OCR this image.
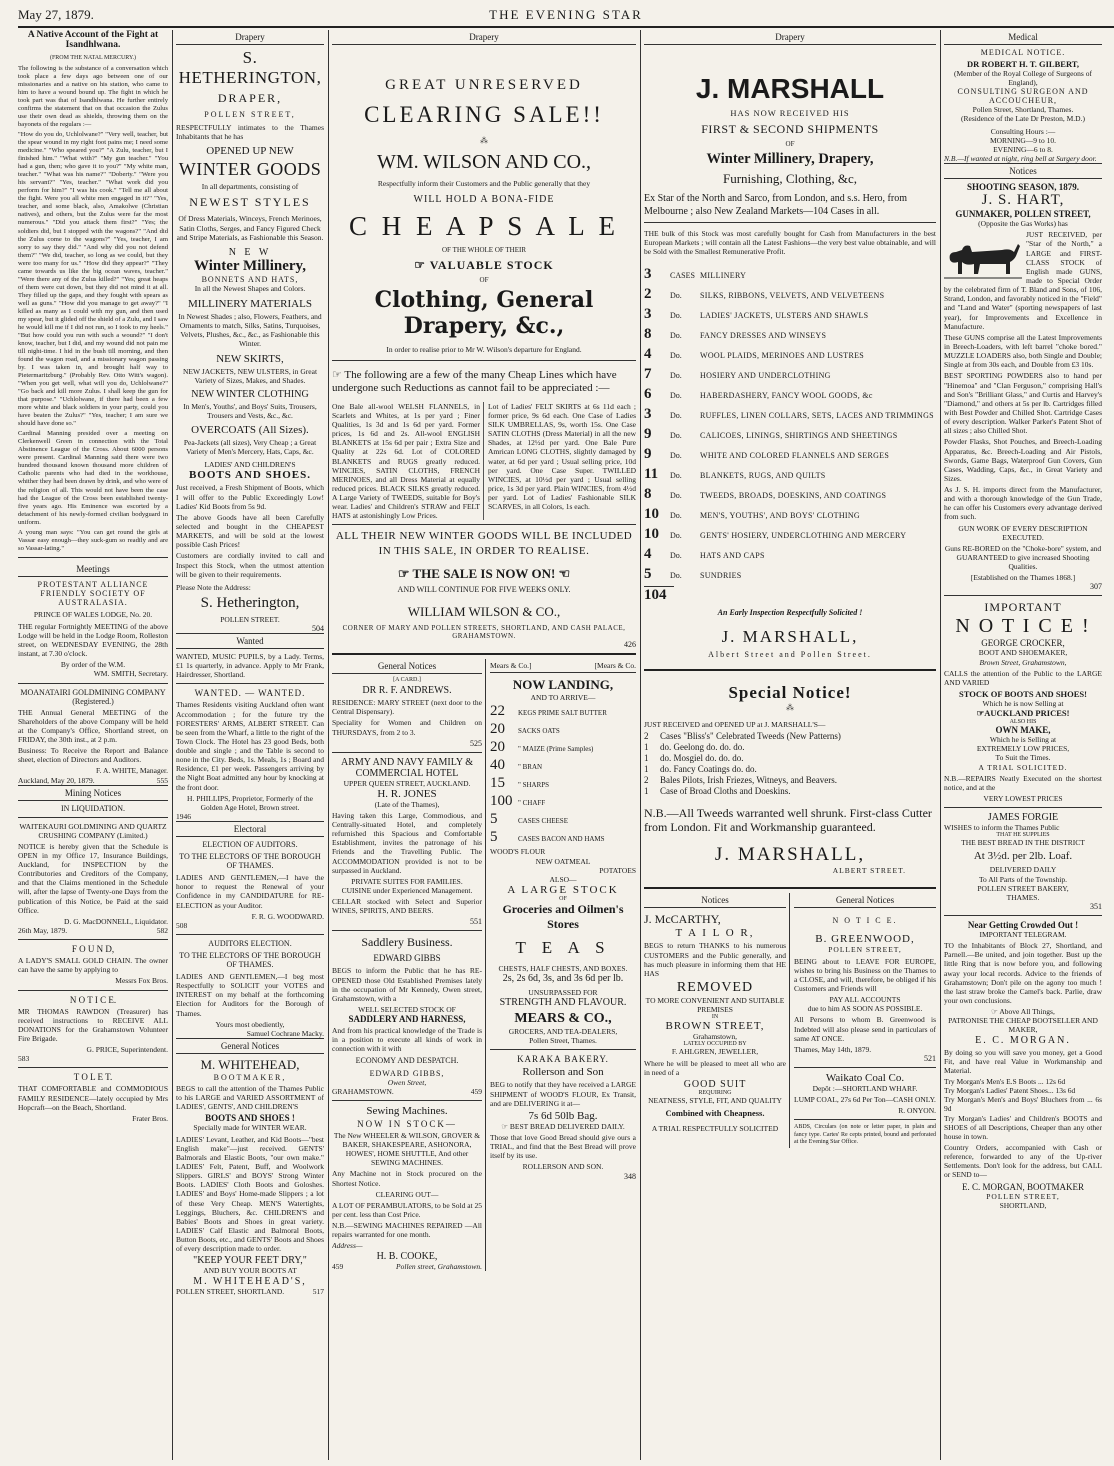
May 27, 1879.	THE EVENING STAR
A Native Account of the Fight at Isandhlwana.
(FROM THE NATAL MERCURY.)

The following is the substance of a conversation which took place a few days ago between one of our missionaries and a native on his station, who came to him to have a wound bound up. The fight in which he took part was that of Isandhlwana. He further entirely confirms the statement that on that occasion the Zulus use their own dead as shields, throwing them on the bayonets of the regulars :—

"How do you do, Uchlolwane?" "Very well, teacher, but the spear wound in my right foot pains me; I need some medicine." "Who speared you?" "A Zulu, teacher, but I finished him." "What with?" "My gun teacher." "You had a gun, then; who gave it to you?" "My white man, teacher." "What was his name?" "Doberty." "Were you his servant?" "Yes, teacher." "What work did you perform for him?" "I was his cook." "Tell me all about the fight. Were you all white men engaged in it?" "Yes, teacher, and some black, also, Amakolwe (Christian natives), and others, but the Zulus were far the most numerous." "Did you attack them first?" "Yes; the soldiers did, but I stopped with the wagons?" "And did the Zulus come to the wagons?" "Yes, teacher, I am sorry to say they did." "And why did you not defend them?" "We did, teacher, so long as we could, but they were too many for us." "How did they appear?" "They came towards us like the big ocean waves, teacher." "Were there any of the Zulus killed?" "Yes; great heaps of them were cut down, but they did not mind it at all. They filled up the gaps, and they fought with spears as well as guns." "How did you manage to get away?" "I killed as many as I could with my gun, and then used my spear, but it glided off the shield of a Zulu, and I saw he would kill me if I did not run, so I took to my heels." "But how could you run with such a wound?" "I don't know, teacher, but I did, and my wound did not pain me till night-time. I hid in the bush till morning, and then found the wagon road, and a missionary wagon passing by. I was taken in, and brought half way to Pietermaritzburg." (Probably Rev. Otto Witt's wagon). "When you get well, what will you do, Uchlolwane?" "Go back and kill more Zulus. I shall keep the gun for that purpose." "Uchlolwane, if there had been a few more white and black soldiers in your party, could you have beaten the Zulus?" "Yes, teacher; I am sure we should have done so."

Cardinal Manning presided over a meeting on Clerkenwell Green in connection with the Total Abstinence League of the Cross. About 6000 persons were present. Cardinal Manning said there were two hundred thousand known thousand more children of Catholic parents who had died in the workhouse, whither they had been drawn by drink, and who were of the religion of all. This would not have been the case had the League of the Cross been established twenty-five years ago. His Eminence was escorted by a detachment of his newly-formed civilian bodyguard in uniform.

A young man says: "You can get round the girls at Vassar easy enough—they suck-gum so readily and are so Vassar-lating."

Meetings
PROTESTANT ALLIANCE FRIENDLY SOCIETY OF AUSTRALASIA.
PRINCE OF WALES LODGE, No. 20.

THE regular Fortnightly MEETING of the above Lodge will be held in the Lodge Room, Rolleston street, on WEDNESDAY EVENING, the 28th instant, at 7.30 o'clock.

By order of the W.M.
WM. SMITH, Secretary.
MOANATAIRI GOLDMINING COMPANY (Registered.)

THE Annual General MEETING of the Shareholders of the above Company will be held at the Company's Office, Shortland street, on FRIDAY, the 30th inst., at 2 p.m.

Business: To Receive the Report and Balance sheet, election of Directors and Auditors.

F. A. WHITE, Manager.
Auckland, May 20, 1879.	555
Mining Notices
IN LIQUIDATION.
WAITEKAURI GOLDMINING AND QUARTZ CRUSHING COMPANY (Limited.)

NOTICE is hereby given that the Schedule is OPEN in my Office 17, Insurance Buildings, Auckland, for INSPECTION by the Contributories and Creditors of the Company, and that the Claims mentioned in the Schedule will, after the lapse of Twenty-one Days from the publication of this Notice, be Paid at the said Office.

D. G. MacDONNELL, Liquidator.
26th May, 1879.	582
F O U N D,

A LADY'S SMALL GOLD CHAIN. The owner can have the same by applying to

Messrs Fox Bros.
N O T I C E.

MR THOMAS RAWDON (Treasurer) has received instructions to RECEIVE ALL DONATIONS for the Grahamstown Volunteer Fire Brigade.

G. PRICE, Superintendent.
583
T O L E T.

THAT COMFORTABLE and COMMODIOUS FAMILY RESIDENCE—lately occupied by Mrs Hopcraft—on the Beach, Shortland.

Frater Bros.
Drapery
S. HETHERINGTON,
DRAPER,
POLLEN STREET,

RESPECTFULLY intimates to the Thames Inhabitants that he has

OPENED UP NEW
WINTER GOODS
In all departments, consisting of
NEWEST STYLES

Of Dress Materials, Winceys, French Merinoes, Satin Cloths, Serges, and Fancy Figured Check and Stripe Materials, as Fashionable this Season.

N E W
Winter Millinery,
BONNETS AND HATS,
In all the Newest Shapes and Colors.
MILLINERY MATERIALS

In Newest Shades ; also, Flowers, Feathers, and Ornaments to match, Silks, Satins, Turquoises, Velvets, Plushes, &c., &c., as Fashionable this Winter.

NEW SKIRTS,

NEW JACKETS, NEW ULSTERS, in Great Variety of Sizes, Makes, and Shades.

NEW WINTER CLOTHING

In Men's, Youths', and Boys' Suits, Trousers, Trousers and Vests, &c., &c.

OVERCOATS (All Sizes).

Pea-Jackets (all sizes), Very Cheap ; a Great Variety of Men's Mercery, Hats, Caps, &c.

LADIES' AND CHILDREN'S
BOOTS AND SHOES.

Just received, a Fresh Shipment of Boots, which I will offer to the Public Exceedingly Low! Ladies' Kid Boots from 5s 9d.

The above Goods have all been Carefully selected and bought in the CHEAPEST MARKETS, and will be sold at the lowest possible Cash Prices!

Customers are cordially invited to call and Inspect this Stock, when the utmost attention will be given to their requirements.

Please Note the Address:
S. Hetherington,
POLLEN STREET.
504
Wanted

WANTED, MUSIC PUPILS, by a Lady. Terms, £1 1s quarterly, in advance. Apply to Mr Frank, Hairdresser, Shortland.

WANTED. — WANTED.

Thames Residents visiting Auckland often want Accommodation ; for the future try the FORESTERS' ARMS, ALBERT STREET. Can be seen from the Wharf, a little to the right of the Town Clock. The Hotel has 23 good Beds, both double and single ; and the Table is second to none in the City. Beds, 1s. Meals, 1s ; Board and Residence, £1 per week. Passengers arriving by the Night Boat admitted any hour by knocking at the front door.

H. PHILLIPS, Proprietor, Formerly of the Golden Age Hotel, Brown street.
1946
Electoral
ELECTION OF AUDITORS.
TO THE ELECTORS OF THE BOROUGH OF THAMES.

LADIES AND GENTLEMEN,—I have the honor to request the Renewal of your Confidence in my CANDIDATURE for RE-ELECTION as your Auditor.

F. R. G. WOODWARD.
508
AUDITORS ELECTION.
TO THE ELECTORS OF THE BOROUGH OF THAMES.

LADIES AND GENTLEMEN,—I beg most Respectfully to SOLICIT your VOTES and INTEREST on my behalf at the forthcoming Election for Auditors for the Borough of Thames.

Yours most obediently,
Samuel Cochrane Macky.
General Notices
M. WHITEHEAD,
BOOTMAKER,

BEGS to call the attention of the Thames Public to his LARGE and VARIED ASSORTMENT of LADIES', GENTS', AND CHILDREN'S

BOOTS AND SHOES !
Specially made for WINTER WEAR.

LADIES' Levant, Leather, and Kid Boots—"best English make"—just received. GENTS' Balmorals and Elastic Boots, "our own make." LADIES' Felt, Patent, Buff, and Woolwork Slippers. GIRLS' and BOYS' Strong Winter Boots. LADIES' Cloth Boots and Goloshes. LADIES' and Boys' Home-made Slippers ; a lot of these Very Cheap. MEN'S Watertights, Leggings, Bluchers, &c. CHILDREN'S and Babies' Boots and Shoes in great variety. LADIES' Calf Elastic and Balmoral Boots, Button Boots, etc., and GENTS' Boots and Shoes of every description made to order.

"KEEP YOUR FEET DRY,"
AND BUY YOUR BOOTS AT
M. WHITEHEAD'S,
POLLEN STREET, SHORTLAND.	517
Drapery
GREAT UNRESERVED
CLEARING SALE!!
⁂
WM. WILSON AND CO.,
Respectfully inform their Customers and the Public generally that they
WILL HOLD A BONA-FIDE
C H E A P S A L E
OF THE WHOLE OF THEIR
☞ VALUABLE STOCK
OF
Clothing, General Drapery, &c.,
In order to realise prior to Mr W. Wilson's departure for England.
☞ The following are a few of the many Cheap Lines which have undergone such Reductions as cannot fail to be appreciated :—
One Bale all-wool WELSH FLANNELS, in Scarlets and Whites, at 1s per yard ; Finer Qualities, 1s 3d and 1s 6d per yard. Former prices, 1s 6d and 2s. All-wool ENGLISH BLANKETS at 15s 6d per pair ; Extra Size and Quality at 22s 6d. Lot of COLORED BLANKETS and RUGS greatly reduced. WINCIES, SATIN CLOTHS, FRENCH MERINOES, and all Dress Material at equally reduced prices. BLACK SILKS greatly reduced. A Large Variety of TWEEDS, suitable for Boy's wear. Ladies' and Children's STRAW and FELT HATS at astonishingly Low Prices.
Lot of Ladies' FELT SKIRTS at 6s 11d each ; former price, 9s 6d each. One Case of Ladies SILK UMBRELLAS, 9s, worth 15s. One Case SATIN CLOTHS (Dress Material) in all the new Shades, at 12½d per yard. One Bale Pure Amrican LONG CLOTHS, slightly damaged by water, at 6d per yard ; Usual selling price, 10d per yard. One Case Super. TWILLED WINCIES, at 10½d per yard ; Usual selling price, 1s 3d per yard. Plain WINCIES, from 4½d per yard. Lot of Ladies' Fashionable SILK SCARVES, in all Colors, 1s each.
ALL THEIR NEW WINTER GOODS WILL BE INCLUDED IN THIS SALE, IN ORDER TO REALISE.
☞ THE SALE IS NOW ON! ☜
AND WILL CONTINUE FOR FIVE WEEKS ONLY.
WILLIAM WILSON & CO.,
CORNER OF MARY AND POLLEN STREETS, SHORTLAND, AND CASH PALACE, GRAHAMSTOWN.
426
General Notices
[A CARD.]
DR R. F. ANDREWS.

RESIDENCE: MARY STREET (next door to the Central Dispensary).

Speciality for Women and Children on THURSDAYS, from 2 to 3.

525
ARMY AND NAVY FAMILY & COMMERCIAL HOTEL
UPPER QUEEN STREET, AUCKLAND.
H. R. JONES
(Late of the Thames),

Having taken this Large, Commodious, and Centrally-situated Hotel, and completely refurnished this Spacious and Comfortable Establishment, invites the patronage of his Friends and the Travelling Public. The ACCOMMODATION provided is not to be surpassed in Auckland.

PRIVATE SUITES FOR FAMILIES.
CUISINE under Experienced Management.

CELLAR stocked with Select and Superior WINES, SPIRITS, AND BEERS.

551
Saddlery Business.
EDWARD GIBBS

BEGS to inform the Public that he has RE-OPENED those Old Established Premises lately in the occupation of Mr Kennedy, Owen street, Grahamstown, with a

WELL SELECTED STOCK OF
SADDLERY AND HARNESS,

And from his practical knowledge of the Trade is in a position to execute all kinds of work in connection with it with

ECONOMY AND DESPATCH.
EDWARD GIBBS,
Owen Street,
GRAHAMSTOWN.	459
Sewing Machines.
NOW IN STOCK—

The New WHEELER & WILSON, GROVER & BAKER, SHAKESPEARE, ASHONORA, HOWES', HOME SHUTTLE, And other SEWING MACHINES.

Any Machine not in Stock procured on the Shortest Notice.

CLEARING OUT—

A LOT OF PERAMBULATORS, to be Sold at 25 per cent. less than Cost Price.

N.B.—SEWING MACHINES REPAIRED —All repairs warranted for one month.

Address—
H. B. COOKE,
459	Pollen street, Grahamstown.
Mears & Co.]	[Mears & Co.
NOW LANDING,
AND TO ARRIVE—
22	KEGS PRIME SALT BUTTER
20	SACKS OATS
20	" MAIZE (Prime Samples)
40	" BRAN
15	" SHARPS
100 " CHAFF
5	CASES CHEESE
5	CASES BACON AND HAMS
WOOD'S FLOUR
NEW OATMEAL
POTATOES
ALSO—
A LARGE STOCK
OF
Groceries and Oilmen's Stores
T E A S
CHESTS, HALF CHESTS, AND BOXES.
2s, 2s 6d, 3s, and 3s 6d per lb.
UNSURPASSED FOR
STRENGTH AND FLAVOUR.
MEARS & CO.,
GROCERS, AND TEA-DEALERS,
Pollen Street, Thames.
KARAKA BAKERY.
Rollerson and Son

BEG to notify that they have received a LARGE SHIPMENT of WOOD'S FLOUR, Ex Transit, and are DELIVERING it at—

7s 6d 50lb Bag.
☞ BEST BREAD DELIVERED DAILY.

Those that love Good Bread should give ours a TRIAL, and find that the Best Bread will prove itself by its use.

ROLLERSON AND SON.
348
Drapery
J. MARSHALL
HAS NOW RECEIVED HIS
FIRST & SECOND SHIPMENTS
OF
Winter Millinery, Drapery,
Furnishing, Clothing, &c,

Ex Star of the North and Sarco, from London, and s.s. Hero, from Melbourne ; also New Zealand Markets—104 Cases in all.

THE bulk of this Stock was most carefully bought for Cash from Manufacturers in the best European Markets ; will contain all the Latest Fashions—the very best value obtainable, and will be Sold with the Smallest Remunerative Profit.

3	CASES MILLINERY
2	Do.	SILKS, RIBBONS, VELVETS, AND VELVETEENS
3	Do.	LADIES' JACKETS, ULSTERS AND SHAWLS
8	Do.	FANCY DRESSES AND WINSEYS
4	Do.	WOOL PLAIDS, MERINOES AND LUSTRES
7	Do.	HOSIERY AND UNDERCLOTHING
6	Do.	HABERDASHERY, FANCY WOOL GOODS, &c
3	Do.	RUFFLES, LINEN COLLARS, SETS, LACES AND TRIMMINGS
9	Do.	CALICOES, LININGS, SHIRTINGS AND SHEETINGS
9	Do.	WHITE AND COLORED FLANNELS AND SERGES
11	Do.	BLANKETS, RUGS, AND QUILTS
8	Do.	TWEEDS, BROADS, DOESKINS, AND COATINGS
10	Do.	MEN'S, YOUTHS', AND BOYS' CLOTHING
10	Do.	GENTS' HOSIERY, UNDERCLOTHING AND MERCERY
4	Do.	HATS AND CAPS
5	Do.	SUNDRIES
104
An Early Inspection Respectfully Solicited !
J. MARSHALL,
Albert Street and Pollen Street.
Special Notice!
⁂
JUST RECEIVED and OPENED UP at J. MARSHALL'S—
2	Cases "Bliss's" Celebrated Tweeds (New Patterns)
1	do. Geelong do. do. do.
1	do. Mosgiel do. do. do.
1	do. Fancy Coatings do. do.
2	Bales Pilots, Irish Friezes, Witneys, and Beavers.
1	Case of Broad Cloths and Doeskins.

N.B.—All Tweeds warranted well shrunk. First-class Cutter from London. Fit and Workmanship guaranteed.

J. MARSHALL,
ALBERT STREET.
Notices
J. McCARTHY,
T A I L O R,

BEGS to return THANKS to his numerous CUSTOMERS and the Public generally, and has much pleasure in informing them that HE HAS

REMOVED
TO MORE CONVENIENT AND SUITABLE PREMISES
IN
BROWN STREET,
Grahamstown,
LATELY OCCUPIED BY
F. AHLGREN, JEWELLER,

Where he will be pleased to meet all who are in need of a

GOOD SUIT
REQUIRING
NEATNESS, STYLE, FIT, AND QUALITY
Combined with Cheapness.
A TRIAL RESPECTFULLY SOLICITED
General Notices
N O T I C E.
B. GREENWOOD,
POLLEN STREET,

BEING about to LEAVE FOR EUROPE, wishes to bring his Business on the Thames to a CLOSE, and will, therefore, be obliged if his Customers and Friends will

PAY ALL ACCOUNTS
due to him AS SOON AS POSSIBLE.

All Persons to whom B. Greenwood is Indebted will also please send in particulars of same AT ONCE.

Thames, May 14th, 1879.
521
Waikato Coal Co.
Depôt :—SHORTLAND WHARF.

LUMP COAL, 27s 6d Per Ton—CASH ONLY.

R. ONYON.

ABDS, Circulars (on note or letter paper, in plain and fancy type. Cartes' Re cepts printed, bound and perforated at the Evening Star Office.

Medical
MEDICAL NOTICE.
DR ROBERT H. T. GILBERT,
(Member of the Royal College of Surgeons of England),
CONSULTING SURGEON AND ACCOUCHEUR,
Pollen Street, Shortland, Thames.
(Residence of the Late Dr Preston, M.D.)
Consulting Hours :—
MORNING—9 to 10.
EVENING—6 to 8.
N.B.—If wanted at night, ring bell at Surgery door.
Notices
SHOOTING SEASON, 1879.
J. S. HART,
GUNMAKER, POLLEN STREET,
(Opposite the Gas Works) has

JUST RECEIVED, per "Star of the North," a LARGE and FIRST-CLASS STOCK of English made GUNS, made to Special Order by the celebrated firm of T. Bland and Sons, of 106, Strand, London, and favorably noticed in the "Field" and "Land and Water" (sporting newspapers of last year), for Improvements and Excellence in Manufacture.

These GUNS comprise all the Latest Improvements in Breech-Loaders, with left barrel "choke bored." MUZZLE LOADERS also, both Single and Double; Single at from 30s each, and Double from £3 10s.

BEST SPORTING POWDERS also to hand per "Hinemoa" and "Clan Ferguson," comprising Hall's and Son's "Brilliant Glass," and Curtis and Harvey's "Diamond," and others at 5s per lb. Cartridges filled with Best Powder and Chilled Shot. Cartridge Cases of every description. Walker Parker's Patent Shot of all sizes ; also Chilled Shot.

Powder Flasks, Shot Pouches, and Breech-Loading Apparatus, &c. Breech-Loading and Air Pistols, Swords, Game Bags, Waterproof Gun Covers, Gun Cases, Wadding, Caps, &c., in Great Variety and Sizes.

As J. S. H. imports direct from the Manufacturer, and with a thorough knowledge of the Gun Trade, he can offer his Customers every advantage derived from such.

GUN WORK OF EVERY DESCRIPTION EXECUTED.

Guns RE-BORED on the "Choke-bore" system, and GUARANTEED to give increased Shooting Qualities.

[Established on the Thames 1868.]
307
IMPORTANT
N O T I C E !
GEORGE CROCKER,
BOOT AND SHOEMAKER,
Brown Street, Grahamstown,

CALLS the attention of the Public to the LARGE AND VARIED

STOCK OF BOOTS AND SHOES!
Which he is now Selling at
☞AUCKLAND PRICES!
ALSO HIS
OWN MAKE,
Which he is Selling at
EXTREMELY LOW PRICES,
To Suit the Times.
A TRIAL SOLICITED.

N.B.—REPAIRS Neatly Executed on the shortest notice, and at the

VERY LOWEST PRICES
JAMES FORGIE
WISHES to inform the Thames Public
THAT HE SUPPLIES
THE BEST BREAD IN THE DISTRICT
At 3½d. per 2lb. Loaf.
DELIVERED DAILY
To All Parts of the Township.
POLLEN STREET BAKERY,
THAMES.
351
Near Getting Crowded Out !
IMPORTANT TELEGRAM.

TO the Inhabitants of Block 27, Shortland, and Parnell.—Be united, and join together. Bust up the little Ring that is now before you, and following away your local records. Advice to the friends of Grahamstown; Don't pile on the agony too much ! the last straw broke the Camel's back. Parlie, draw your own conclusions.

☞ Above All Things,
PATRONISE THE CHEAP BOOTSELLER AND MAKER,
E. C. MORGAN.

By doing so you will save you money, get a Good Fit, and have real Value in Workmanship and Material.

Try Morgan's Men's E.S Boots ... 12s 6d
Try Morgan's Ladies' Patent Shoes... 13s 6d
Try Morgan's Men's and Boys' Bluchers from ... 6s 9d
Try Morgan's Ladies' and Children's BOOTS and SHOES of all Descriptions, Cheaper than any other house in town.

Country Orders, accompanied with Cash or reference, forwarded to any of the Up-river Settlements. Don't look for the address, but CALL or SEND to—

E. C. MORGAN, BOOTMAKER
POLLEN STREET,
SHORTLAND,
